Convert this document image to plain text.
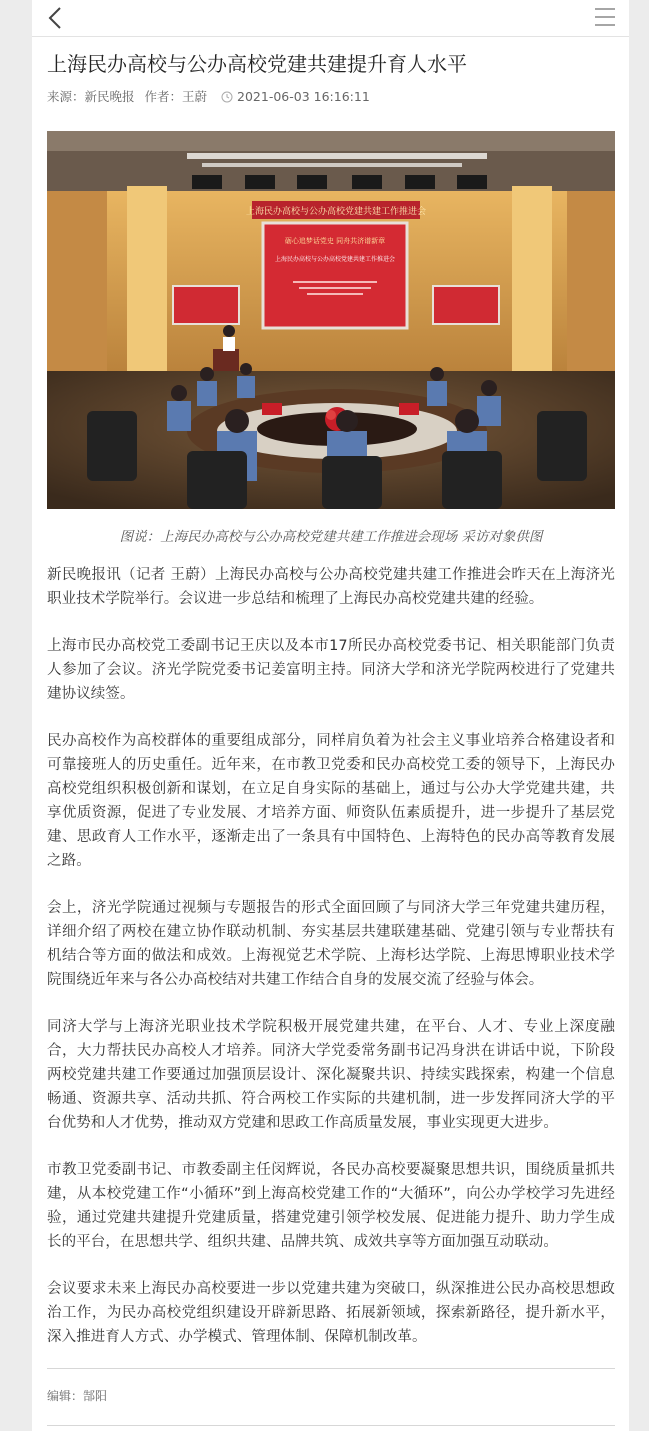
上海民办高校与公办高校党建共建提升育人水平
来源：新民晚报 作者：王蔚 2021-06-03 16:16:11
上海民办高校与公办高校党建共建工作推进会
砺心追梦话党史 同舟共济谱新章
上海民办高校与公办高校党建共建工作推进会
图说：上海民办高校与公办高校党建共建工作推进会现场 采访对象供图

新民晚报讯（记者 王蔚）上海民办高校与公办高校党建共建工作推进会昨天在上海济光职业技术学院举行。会议进一步总结和梳理了上海民办高校党建共建的经验。

上海市民办高校党工委副书记王庆以及本市17所民办高校党委书记、相关职能部门负责人参加了会议。济光学院党委书记姜富明主持。同济大学和济光学院两校进行了党建共建协议续签。

民办高校作为高校群体的重要组成部分，同样肩负着为社会主义事业培养合格建设者和可靠接班人的历史重任。近年来，在市教卫党委和民办高校党工委的领导下，上海民办高校党组织积极创新和谋划，在立足自身实际的基础上，通过与公办大学党建共建，共享优质资源，促进了专业发展、才培养方面、师资队伍素质提升，进一步提升了基层党建、思政育人工作水平，逐渐走出了一条具有中国特色、上海特色的民办高等教育发展之路。

会上，济光学院通过视频与专题报告的形式全面回顾了与同济大学三年党建共建历程，详细介绍了两校在建立协作联动机制、夯实基层共建联建基础、党建引领与专业帮扶有机结合等方面的做法和成效。上海视觉艺术学院、上海杉达学院、上海思博职业技术学院围绕近年来与各公办高校结对共建工作结合自身的发展交流了经验与体会。

同济大学与上海济光职业技术学院积极开展党建共建，在平台、人才、专业上深度融合，大力帮扶民办高校人才培养。同济大学党委常务副书记冯身洪在讲话中说，下阶段两校党建共建工作要通过加强顶层设计、深化凝聚共识、持续实践探索，构建一个信息畅通、资源共享、活动共抓、符合两校工作实际的共建机制，进一步发挥同济大学的平台优势和人才优势，推动双方党建和思政工作高质量发展，事业实现更大进步。

市教卫党委副书记、市教委副主任闵辉说，各民办高校要凝聚思想共识，围绕质量抓共建，从本校党建工作“小循环”到上海高校党建工作的“大循环”，向公办学校学习先进经验，通过党建共建提升党建质量，搭建党建引领学校发展、促进能力提升、助力学生成长的平台，在思想共学、组织共建、品牌共筑、成效共享等方面加强互动联动。

会议要求未来上海民办高校要进一步以党建共建为突破口，纵深推进公民办高校思想政治工作，为民办高校党组织建设开辟新思路、拓展新领域，探索新路径，提升新水平，深入推进育人方式、办学模式、管理体制、保障机制改革。

编辑：郜阳
